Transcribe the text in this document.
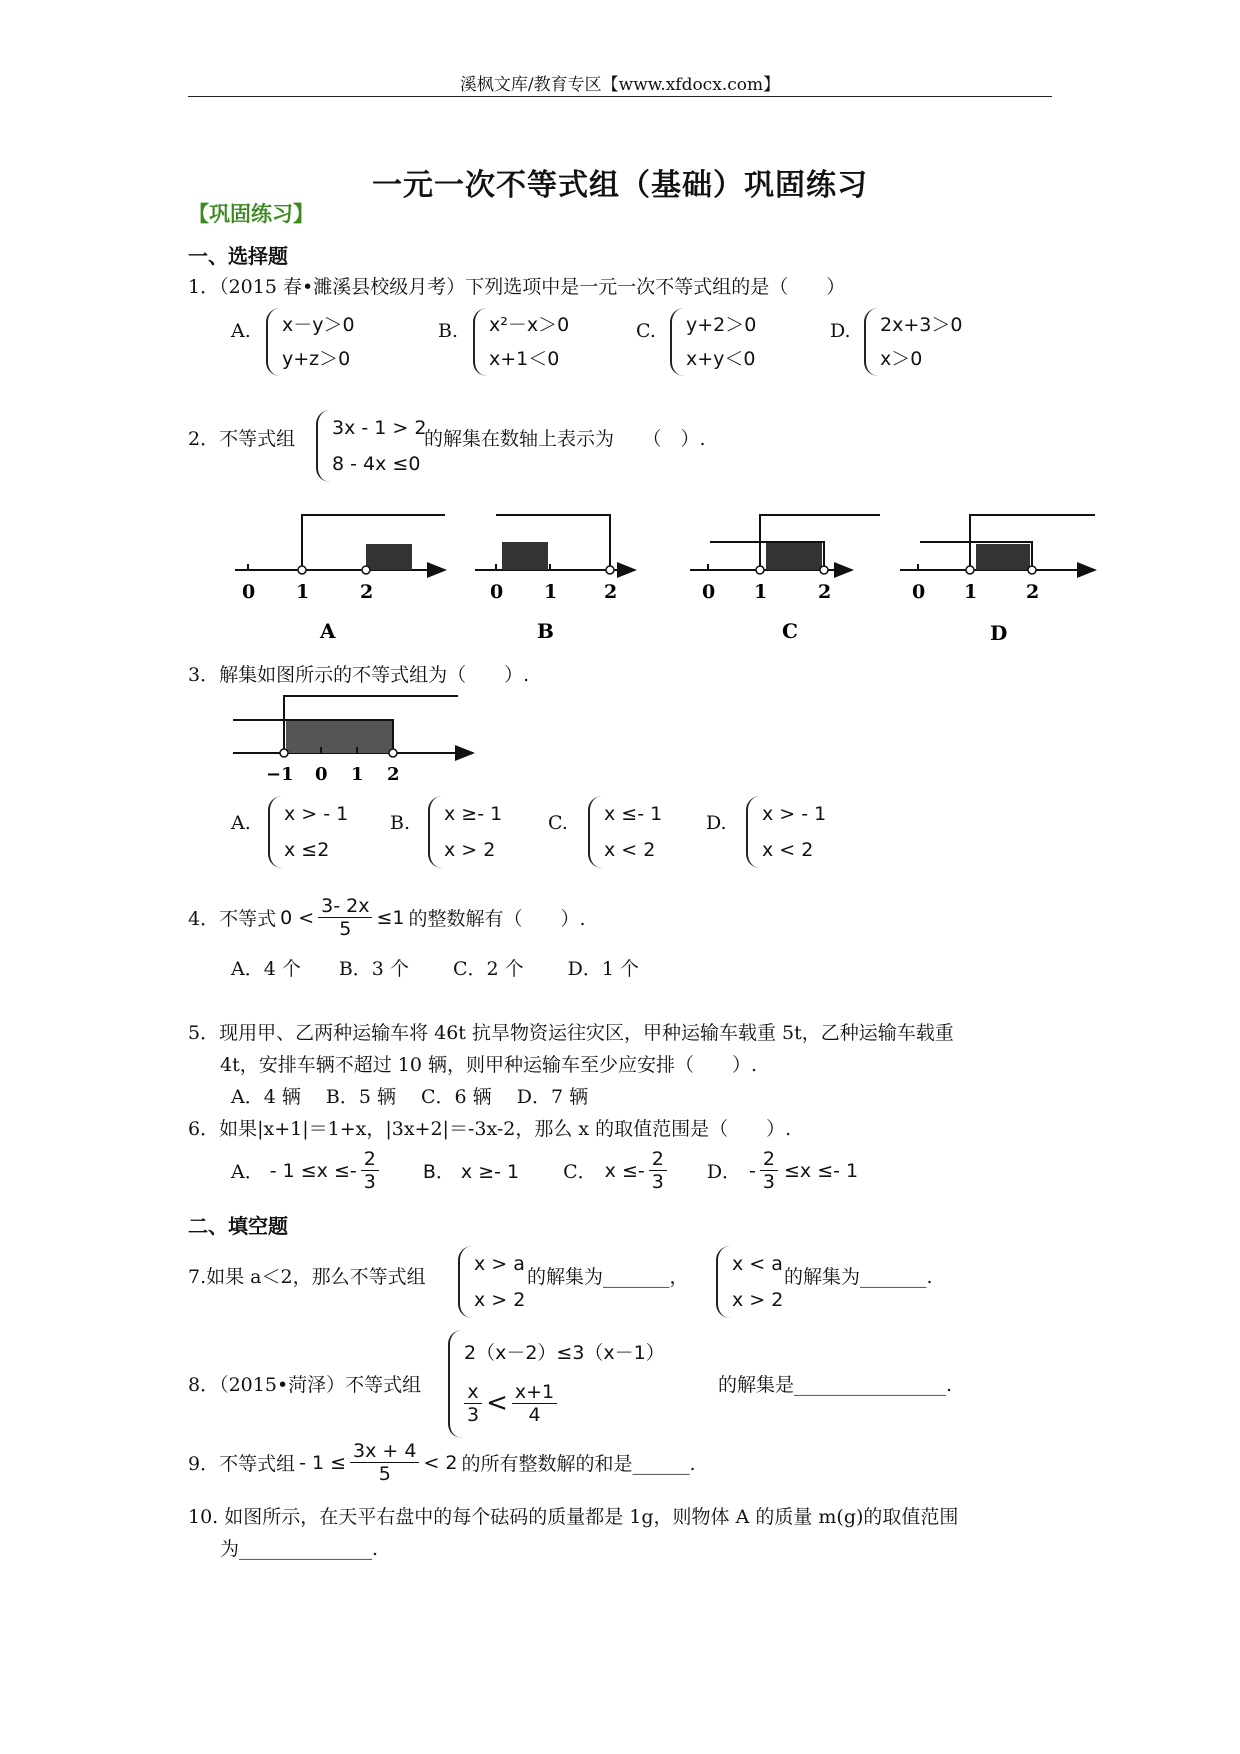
溪枫文库/教育专区【www.xfdocx.com】
一元一次不等式组（基础）巩固练习
【巩固练习】
一、选择题
1．（2015 春•濉溪县校级月考）下列选项中是一元一次不等式组的是（　　）
A. x－y＞0
y+z＞0
B. x²－x＞0
x+1＜0
C. y+2＞0
x+y＜0
D. 2x+3＞0
x＞0
2．不等式组 3x - 1 > 2
8 - 4x ≤0
的解集在数轴上表示为　　（　）.
0 1	2
A
0 1 2
B
0 1	2
C
0 1	2
D
3．解集如图所示的不等式组为（　　）.
−1 0 1 2
A. x > - 1
x ≤2
B. x ≥- 1
x > 2
C. x ≤- 1
x < 2
D. x > - 1
x < 2
4．不等式 $0 < \frac{3- 2x}{5} \le 1$ 的整数解有（　　）.
A．4 个　　B．3 个　　 C．2 个　　 D．1 个
5．现用甲、乙两种运输车将 46t 抗旱物资运往灾区，甲种运输车载重 5t，乙种运输车载重
4t，安排车辆不超过 10 辆，则甲种运输车至少应安排（　　）.
A．4 辆　 B．5 辆　 C．6 辆　 D．7 辆
6．如果|x+1|＝1+x，|3x+2|＝-3x-2，那么 x 的取值范围是（　　）.
A． - $1 \le x \le- \frac{2}{3}$ B． x ≥- 1 C． $x \le- \frac{2}{3}$ D． - $\frac{2}{3} \le x \le- 1$
二、填空题
7.如果 a＜2，那么不等式组
x > a
x > 2
的解集为_______，
x < a
x > 2
的解集为_______.
8．（2015•菏泽）不等式组
2（x－2）≤3（x－1）
$\frac{x}{3} < \frac{x+1}{4}$	的解集是________________.
9．不等式组 - $1 \le \frac{3x + 4}{5} < 2$ 的所有整数解的和是______.
10. 如图所示，在天平右盘中的每个砝码的质量都是 1g，则物体 A 的质量 m(g)的取值范围
为______________.
